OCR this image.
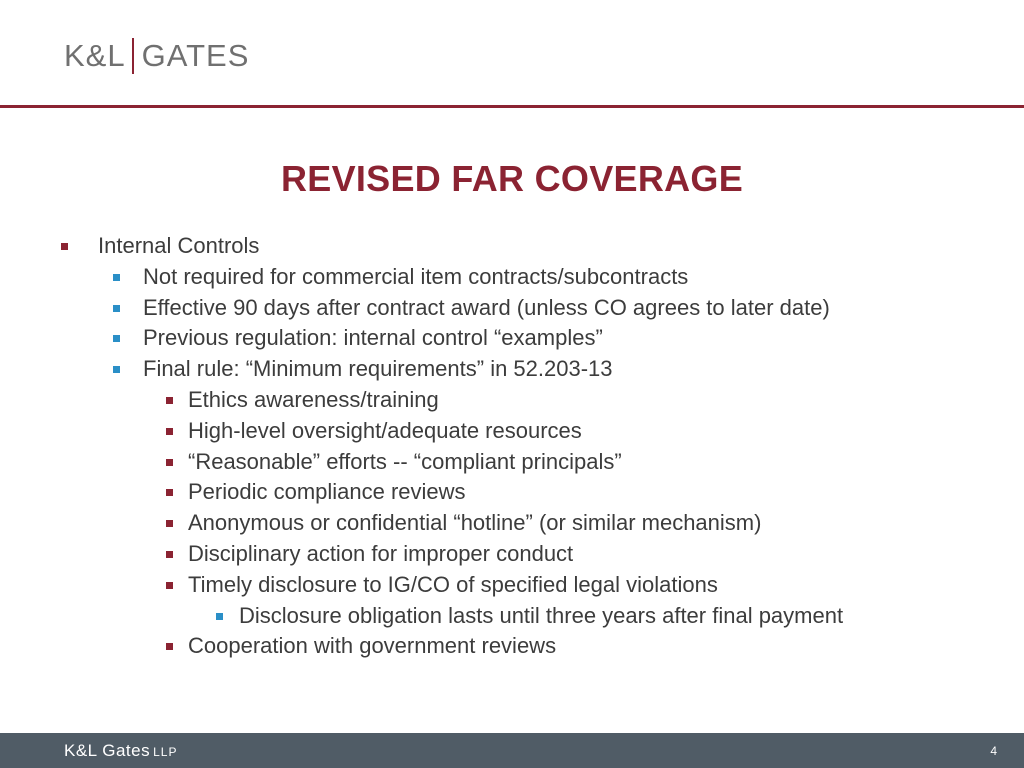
K&L GATES
REVISED FAR COVERAGE
Internal Controls
Not required for commercial item contracts/subcontracts
Effective 90 days after contract award (unless CO agrees to later date)
Previous regulation: internal control “examples”
Final rule: “Minimum requirements” in 52.203-13
Ethics awareness/training
High-level oversight/adequate resources
“Reasonable” efforts -- “compliant principals”
Periodic compliance reviews
Anonymous or confidential “hotline” (or similar mechanism)
Disciplinary action for improper conduct
Timely disclosure to IG/CO of specified legal violations
Disclosure obligation lasts until three years after final payment
Cooperation with government reviews
K&L Gates LLP	4
